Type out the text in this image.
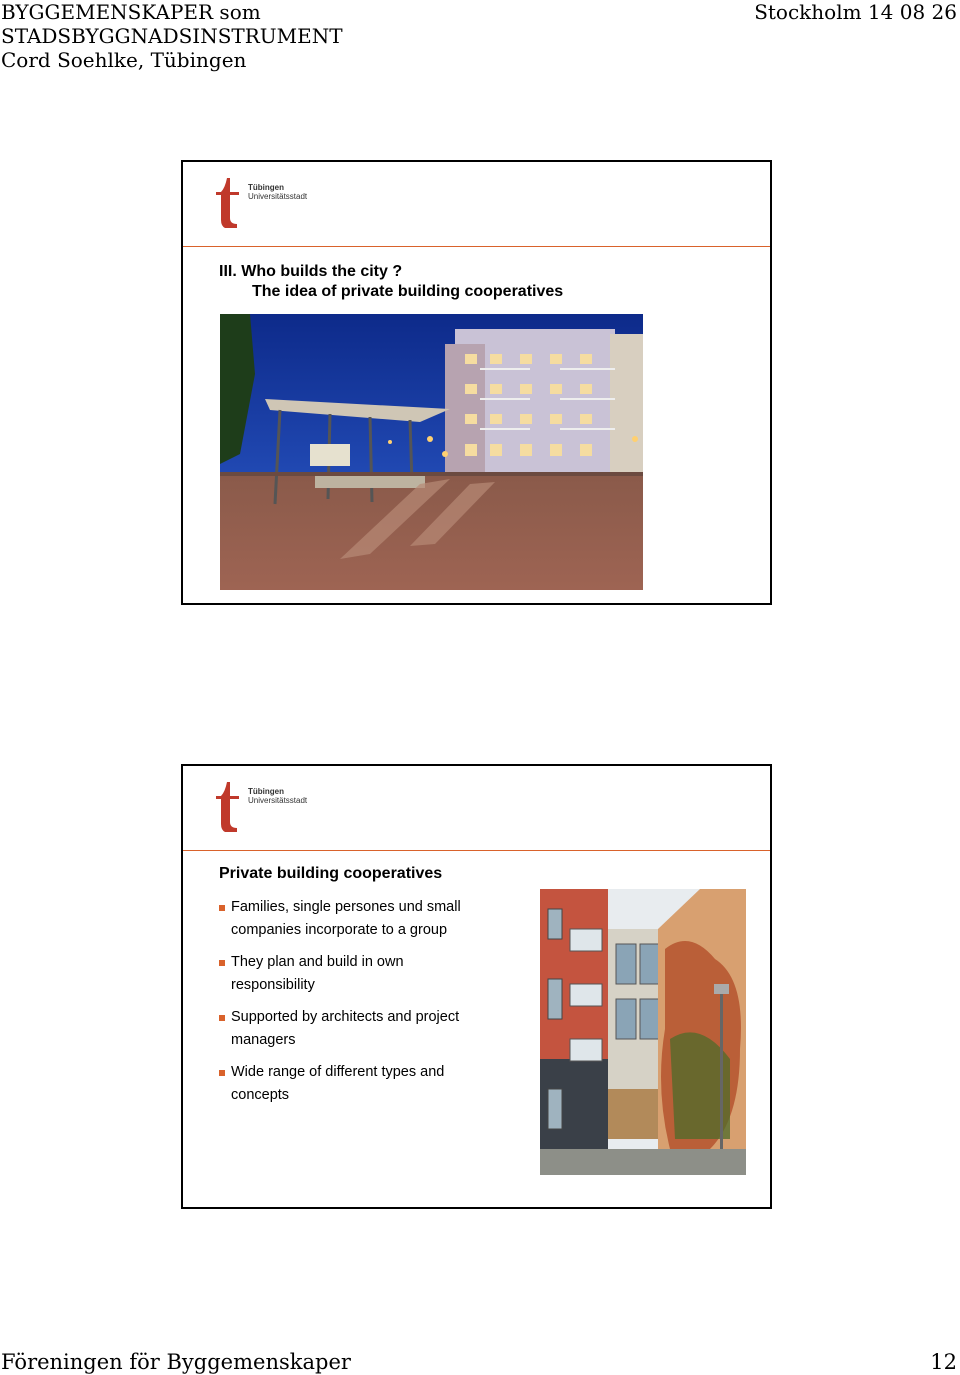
BYGGEMENSKAPER som
STADSBYGGNADSINSTRUMENT
Cord Soehlke, Tübingen
Stockholm 14 08 26
Tübingen
Universitätsstadt
III. Who builds the city ?
The idea of private building cooperatives
Tübingen
Universitätsstadt
Private building cooperatives
Families, single persones und small companies incorporate to a group
They plan and build in own responsibility
Supported by architects and project managers
Wide range of different types and concepts
Föreningen för Byggemenskaper	12
